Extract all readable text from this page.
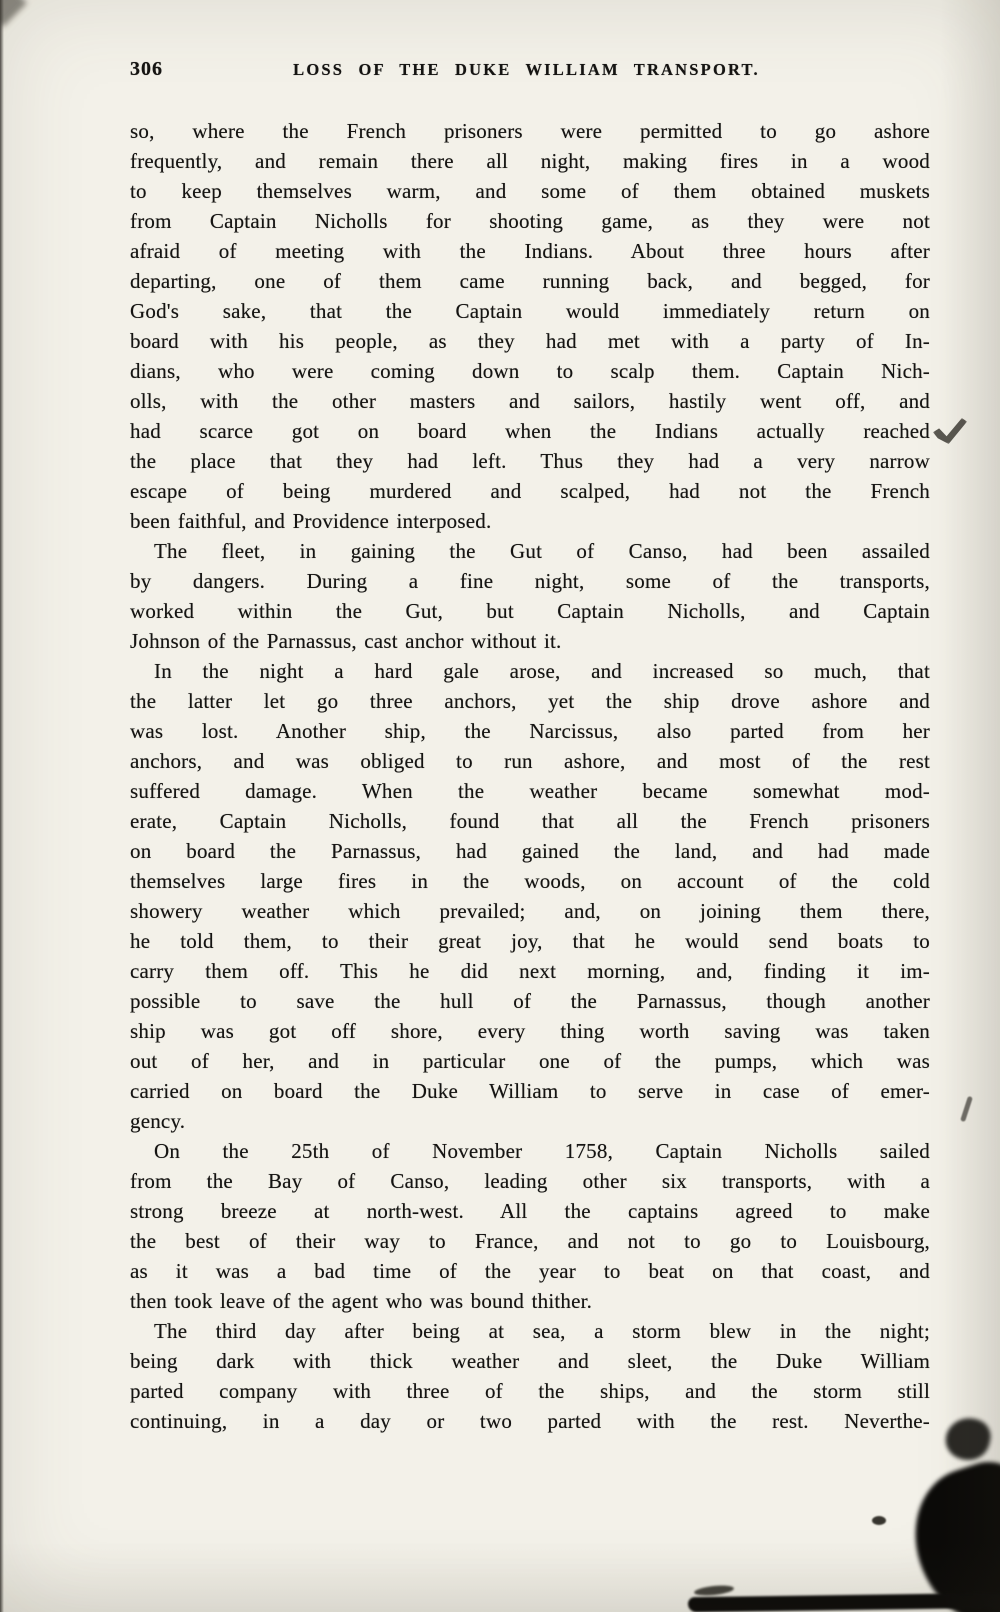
306	LOSS OF THE DUKE WILLIAM TRANSPORT.
so, where the French prisoners were permitted to go ashore
frequently, and remain there all night, making fires in a wood
to keep themselves warm, and some of them obtained muskets
from Captain Nicholls for shooting game, as they were not
afraid of meeting with the Indians. About three hours after
departing, one of them came running back, and begged, for
God's sake, that the Captain would immediately return on
board with his people, as they had met with a party of In-
dians, who were coming down to scalp them. Captain Nich-
olls, with the other masters and sailors, hastily went off, and
had scarce got on board when the Indians actually reached
the place that they had left. Thus they had a very narrow
escape of being murdered and scalped, had not the French
been faithful, and Providence interposed.
The fleet, in gaining the Gut of Canso, had been assailed
by dangers. During a fine night, some of the transports,
worked within the Gut, but Captain Nicholls, and Captain
Johnson of the Parnassus, cast anchor without it.
In the night a hard gale arose, and increased so much, that
the latter let go three anchors, yet the ship drove ashore and
was lost. Another ship, the Narcissus, also parted from her
anchors, and was obliged to run ashore, and most of the rest
suffered damage. When the weather became somewhat mod-
erate, Captain Nicholls, found that all the French prisoners
on board the Parnassus, had gained the land, and had made
themselves large fires in the woods, on account of the cold
showery weather which prevailed; and, on joining them there,
he told them, to their great joy, that he would send boats to
carry them off. This he did next morning, and, finding it im-
possible to save the hull of the Parnassus, though another
ship was got off shore, every thing worth saving was taken
out of her, and in particular one of the pumps, which was
carried on board the Duke William to serve in case of emer-
gency.
On the 25th of November 1758, Captain Nicholls sailed
from the Bay of Canso, leading other six transports, with a
strong breeze at north-west. All the captains agreed to make
the best of their way to France, and not to go to Louisbourg,
as it was a bad time of the year to beat on that coast, and
then took leave of the agent who was bound thither.
The third day after being at sea, a storm blew in the night;
being dark with thick weather and sleet, the Duke William
parted company with three of the ships, and the storm still
continuing, in a day or two parted with the rest. Neverthe-
